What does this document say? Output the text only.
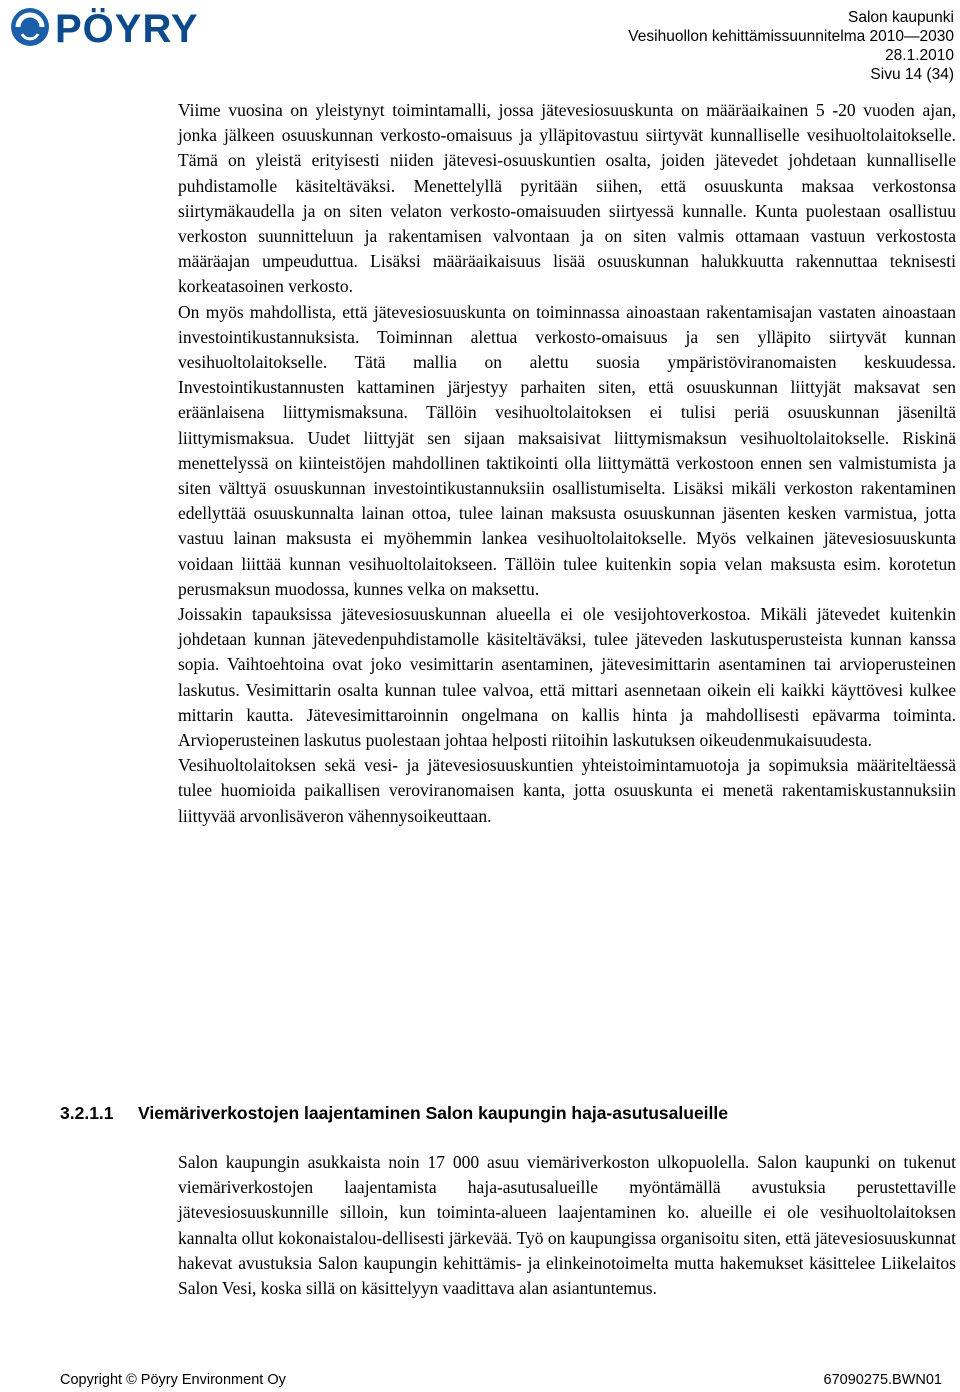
PÖYRY	Salon kaupunki
Vesihuollon kehittämissuunnitelma 2010—2030
28.1.2010
Sivu 14 (34)

Viime vuosina on yleistynyt toimintamalli, jossa jätevesiosuuskunta on määräaikainen 5 -20 vuoden ajan, jonka jälkeen osuuskunnan verkosto-omaisuus ja ylläpitovastuu siirtyvät kunnalliselle vesihuoltolaitokselle. Tämä on yleistä erityisesti niiden jätevesi-osuuskuntien osalta, joiden jätevedet johdetaan kunnalliselle puhdistamolle käsiteltäväksi. Menettelyllä pyritään siihen, että osuuskunta maksaa verkostonsa siirtymäkaudella ja on siten velaton verkosto-omaisuuden siirtyessä kunnalle. Kunta puolestaan osallistuu verkoston suunnitteluun ja rakentamisen valvontaan ja on siten valmis ottamaan vastuun verkostosta määräajan umpeuduttua. Lisäksi määräaikaisuus lisää osuuskunnan halukkuutta rakennuttaa teknisesti korkeatasoinen verkosto.

On myös mahdollista, että jätevesiosuuskunta on toiminnassa ainoastaan rakentamisajan vastaten ainoastaan investointikustannuksista. Toiminnan alettua verkosto-omaisuus ja sen ylläpito siirtyvät kunnan vesihuoltolaitokselle. Tätä mallia on alettu suosia ympäristöviranomaisten keskuudessa. Investointikustannusten kattaminen järjestyy parhaiten siten, että osuuskunnan liittyjät maksavat sen eräänlaisena liittymismaksuna. Tällöin vesihuoltolaitoksen ei tulisi periä osuuskunnan jäseniltä liittymismaksua. Uudet liittyjät sen sijaan maksaisivat liittymismaksun vesihuoltolaitokselle. Riskinä menettelyssä on kiinteistöjen mahdollinen taktikointi olla liittymättä verkostoon ennen sen valmistumista ja siten välttyä osuuskunnan investointikustannuksiin osallistumiselta. Lisäksi mikäli verkoston rakentaminen edellyttää osuuskunnalta lainan ottoa, tulee lainan maksusta osuuskunnan jäsenten kesken varmistua, jotta vastuu lainan maksusta ei myöhemmin lankea vesihuoltolaitokselle. Myös velkainen jätevesiosuuskunta voidaan liittää kunnan vesihuoltolaitokseen. Tällöin tulee kuitenkin sopia velan maksusta esim. korotetun perusmaksun muodossa, kunnes velka on maksettu.

Joissakin tapauksissa jätevesiosuuskunnan alueella ei ole vesijohtoverkostoa. Mikäli jätevedet kuitenkin johdetaan kunnan jätevedenpuhdistamolle käsiteltäväksi, tulee jäteveden laskutusperusteista kunnan kanssa sopia. Vaihtoehtoina ovat joko vesimittarin asentaminen, jätevesimittarin asentaminen tai arvioperusteinen laskutus. Vesimittarin osalta kunnan tulee valvoa, että mittari asennetaan oikein eli kaikki käyttövesi kulkee mittarin kautta. Jätevesimittaroinnin ongelmana on kallis hinta ja mahdollisesti epävarma toiminta. Arvioperusteinen laskutus puolestaan johtaa helposti riitoihin laskutuksen oikeudenmukaisuudesta.

Vesihuoltolaitoksen sekä vesi- ja jätevesiosuuskuntien yhteistoimintamuotoja ja sopimuksia määriteltäessä tulee huomioida paikallisen veroviranomaisen kanta, jotta osuuskunta ei menetä rakentamiskustannuksiin liittyvää arvonlisäveron vähennysoikeuttaan.

3.2.1.1 Viemäriverkostojen laajentaminen Salon kaupungin haja-asutusalueille

Salon kaupungin asukkaista noin 17 000 asuu viemäriverkoston ulkopuolella. Salon kaupunki on tukenut viemäriverkostojen laajentamista haja-asutusalueille myöntämällä avustuksia perustettaville jätevesiosuuskunnille silloin, kun toiminta-alueen laajentaminen ko. alueille ei ole vesihuoltolaitoksen kannalta ollut kokonaistalou-dellisesti järkevää. Työ on kaupungissa organisoitu siten, että jätevesiosuuskunnat hakevat avustuksia Salon kaupungin kehittämis- ja elinkeinotoimelta mutta hakemukset käsittelee Liikelaitos Salon Vesi, koska sillä on käsittelyyn vaadittava alan asiantuntemus.

Copyright © Pöyry Environment Oy	67090275.BWN01
